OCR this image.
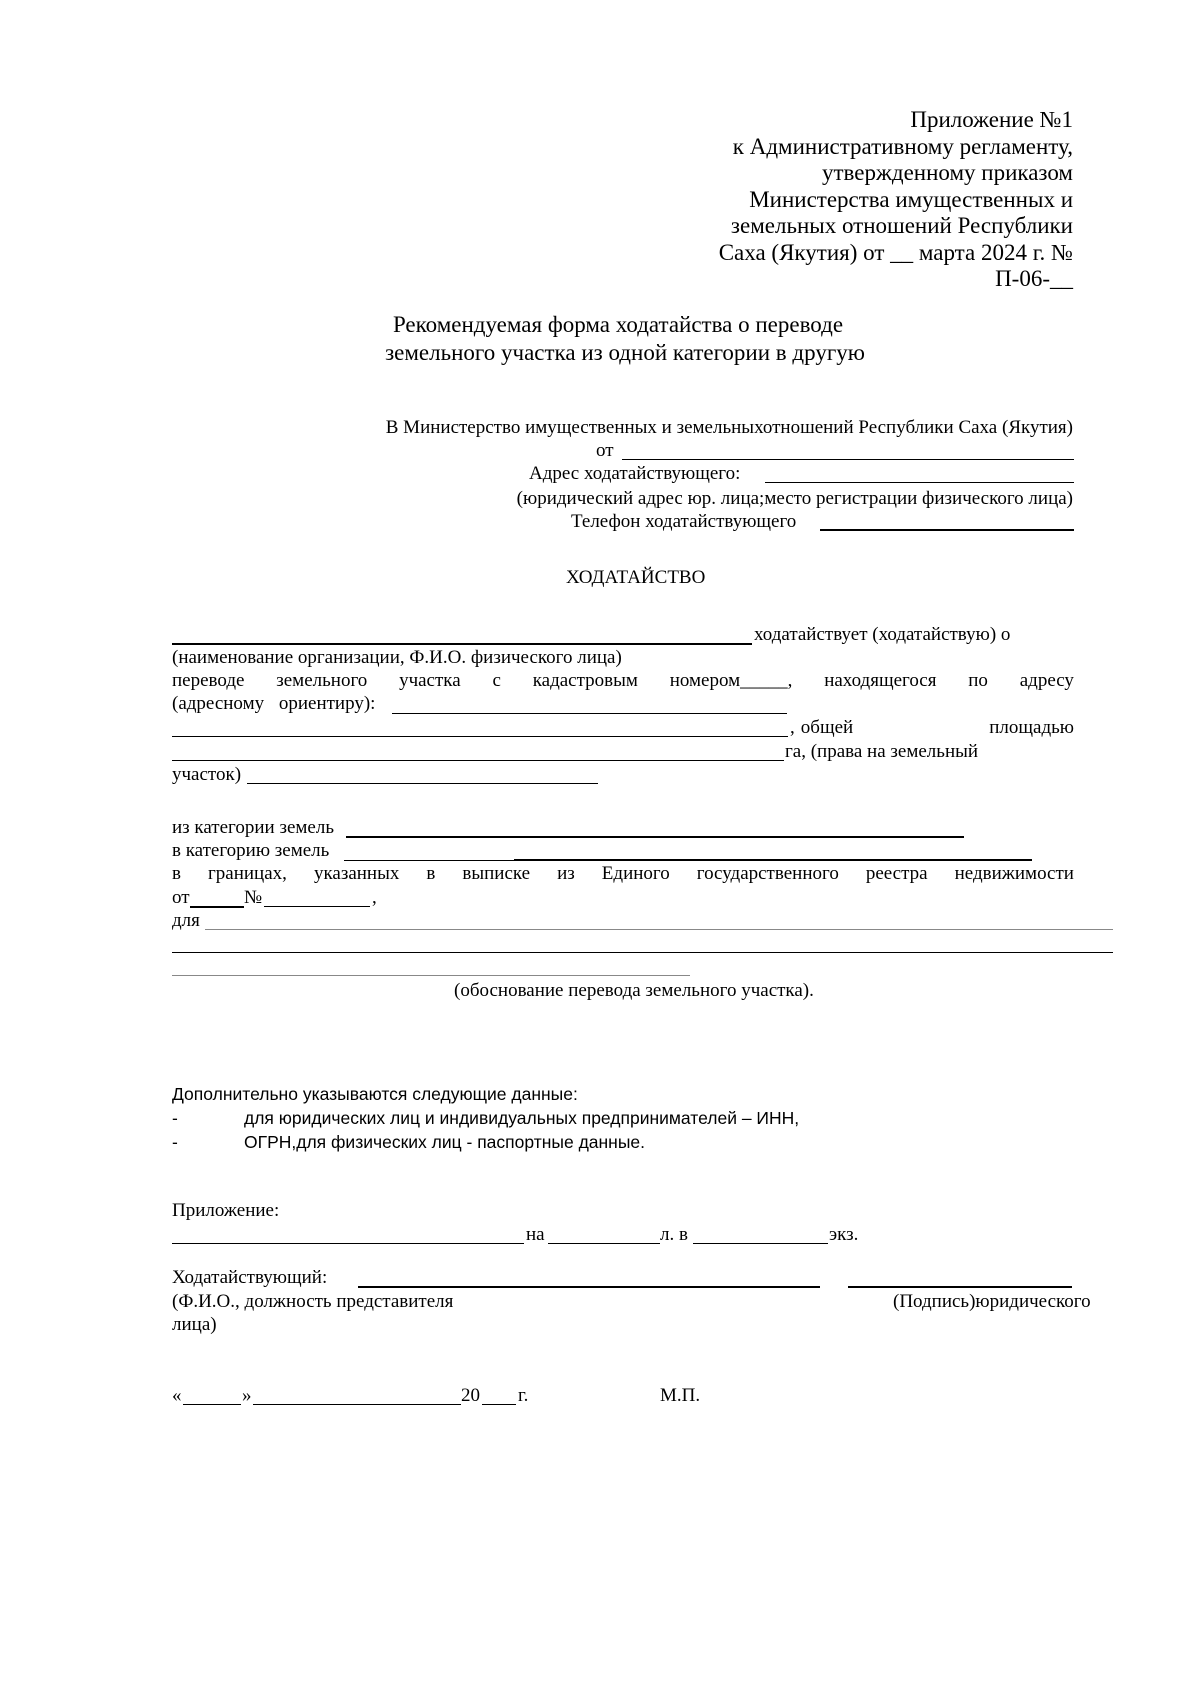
Приложение №1
к Административному регламенту,
утвержденному приказом
Министерства имущественных и
земельных отношений Республики
Саха (Якутия) от __ марта 2024 г. №
П-06-__
Рекомендуемая форма ходатайства о переводе
земельного участка из одной категории в другую
В Министерство имущественных и земельныхотношений Республики Саха (Якутия)
от
Адрес ходатайствующего:
(юридический адрес юр. лица;место регистрации физического лица)
Телефон ходатайствующего
ХОДАТАЙСТВО
ходатайствует (ходатайствую) о
(наименование организации, Ф.И.О. физического лица)
переводе земельного участка с кадастровым номером_____, находящегося по адресу
(адресному ориентиру):
, общей	площадью
га, (права на земельный
участок)
из категории земель
в категорию земель
в границах, указанных в выписке из Единого государственного реестра недвижимости
от	№	,
для
(обоснование перевода земельного участка).
Дополнительно указываются следующие данные:
-	для юридических лиц и индивидуальных предпринимателей – ИНН,
-	ОГРН,для физических лиц - паспортные данные.
Приложение:
на	л. в	экз.
Ходатайствующий:
(Ф.И.О., должность представителя	(Подпись)юридического
лица)
«	»	20 г.	М.П.
